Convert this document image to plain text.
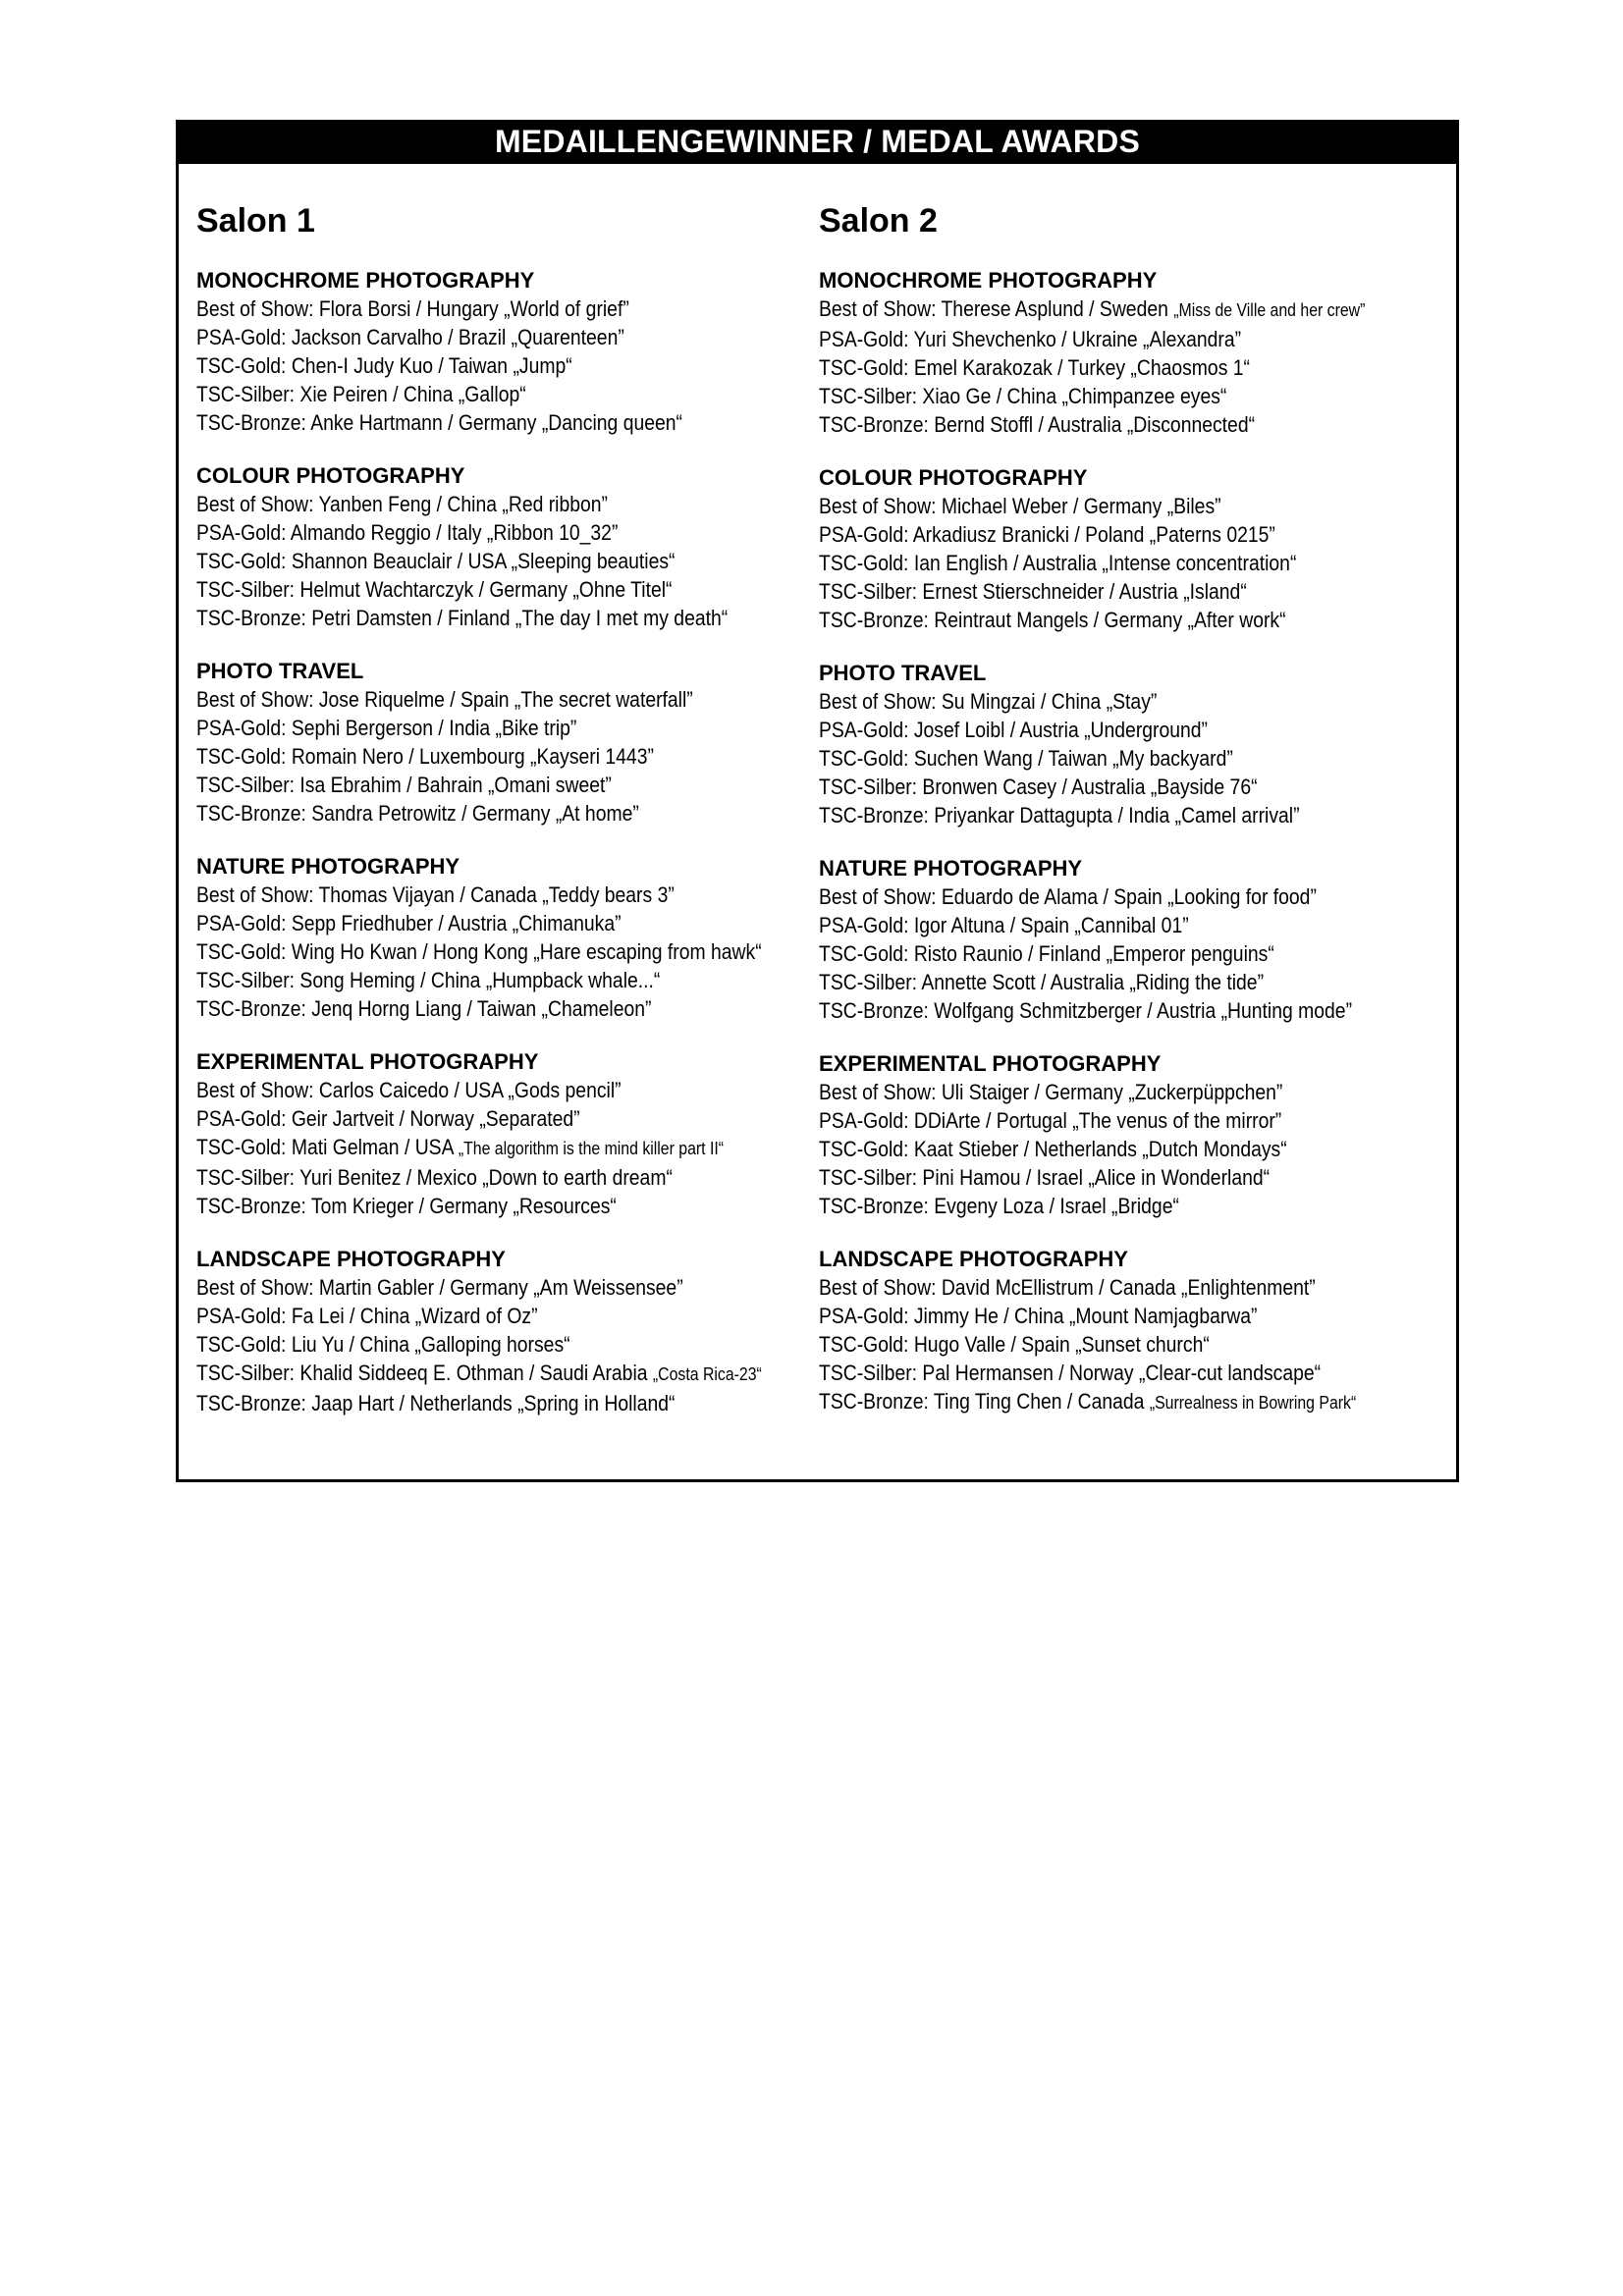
MEDAILLENGEWINNER / MEDAL AWARDS
Salon 1
MONOCHROME PHOTOGRAPHY
Best of Show: Flora Borsi / Hungary „World of grief”
PSA-Gold: Jackson Carvalho / Brazil „Quarenteen”
TSC-Gold: Chen-I Judy Kuo / Taiwan „Jump“
TSC-Silber: Xie Peiren / China „Gallop“
TSC-Bronze: Anke Hartmann / Germany „Dancing queen“
COLOUR PHOTOGRAPHY
Best of Show: Yanben Feng / China „Red ribbon”
PSA-Gold: Almando Reggio / Italy „Ribbon 10_32”
TSC-Gold: Shannon Beauclair / USA „Sleeping beauties“
TSC-Silber: Helmut Wachtarczyk / Germany „Ohne Titel“
TSC-Bronze: Petri Damsten / Finland „The day I met my death“
PHOTO TRAVEL
Best of Show: Jose Riquelme / Spain „The secret waterfall”
PSA-Gold: Sephi Bergerson / India „Bike trip”
TSC-Gold: Romain Nero / Luxembourg „Kayseri 1443”
TSC-Silber: Isa Ebrahim / Bahrain „Omani sweet”
TSC-Bronze: Sandra Petrowitz / Germany „At home”
NATURE PHOTOGRAPHY
Best of Show: Thomas Vijayan / Canada „Teddy bears 3”
PSA-Gold: Sepp Friedhuber / Austria „Chimanuka”
TSC-Gold: Wing Ho Kwan / Hong Kong „Hare escaping from hawk“
TSC-Silber: Song Heming / China „Humpback whale...“
TSC-Bronze: Jenq Horng Liang / Taiwan „Chameleon”
EXPERIMENTAL PHOTOGRAPHY
Best of Show: Carlos Caicedo / USA „Gods pencil”
PSA-Gold: Geir Jartveit / Norway „Separated”
TSC-Gold: Mati Gelman / USA „The algorithm is the mind killer part II“
TSC-Silber: Yuri Benitez / Mexico „Down to earth dream“
TSC-Bronze: Tom Krieger / Germany „Resources“
LANDSCAPE PHOTOGRAPHY
Best of Show: Martin Gabler / Germany „Am Weissensee”
PSA-Gold: Fa Lei / China „Wizard of Oz”
TSC-Gold: Liu Yu / China „Galloping horses“
TSC-Silber: Khalid Siddeeq E. Othman / Saudi Arabia „Costa Rica-23“
TSC-Bronze: Jaap Hart / Netherlands „Spring in Holland“
Salon 2
MONOCHROME PHOTOGRAPHY
Best of Show: Therese Asplund / Sweden „Miss de Ville and her crew”
PSA-Gold: Yuri Shevchenko / Ukraine „Alexandra”
TSC-Gold: Emel Karakozak / Turkey „Chaosmos 1“
TSC-Silber: Xiao Ge / China „Chimpanzee eyes“
TSC-Bronze: Bernd Stoffl / Australia „Disconnected“
COLOUR PHOTOGRAPHY
Best of Show: Michael Weber / Germany „Biles”
PSA-Gold: Arkadiusz Branicki / Poland „Paterns 0215”
TSC-Gold: Ian English / Australia „Intense concentration“
TSC-Silber: Ernest Stierschneider / Austria „Island“
TSC-Bronze: Reintraut Mangels / Germany „After work“
PHOTO TRAVEL
Best of Show: Su Mingzai / China „Stay”
PSA-Gold: Josef Loibl / Austria „Underground”
TSC-Gold: Suchen Wang / Taiwan „My backyard”
TSC-Silber: Bronwen Casey / Australia „Bayside 76“
TSC-Bronze: Priyankar Dattagupta / India „Camel arrival”
NATURE PHOTOGRAPHY
Best of Show: Eduardo de Alama / Spain „Looking for food”
PSA-Gold: Igor Altuna / Spain „Cannibal 01”
TSC-Gold: Risto Raunio / Finland „Emperor penguins“
TSC-Silber: Annette Scott / Australia „Riding the tide”
TSC-Bronze: Wolfgang Schmitzberger / Austria „Hunting mode”
EXPERIMENTAL PHOTOGRAPHY
Best of Show: Uli Staiger / Germany „Zuckerpüppchen”
PSA-Gold: DDiArte / Portugal „The venus of the mirror”
TSC-Gold: Kaat Stieber / Netherlands „Dutch Mondays“
TSC-Silber: Pini Hamou / Israel „Alice in Wonderland“
TSC-Bronze: Evgeny Loza / Israel „Bridge“
LANDSCAPE PHOTOGRAPHY
Best of Show: David McEllistrum / Canada „Enlightenment”
PSA-Gold: Jimmy He / China „Mount Namjagbarwa”
TSC-Gold: Hugo Valle / Spain „Sunset church“
TSC-Silber: Pal Hermansen / Norway „Clear-cut landscape“
TSC-Bronze: Ting Ting Chen / Canada „Surrealness in Bowring Park“
